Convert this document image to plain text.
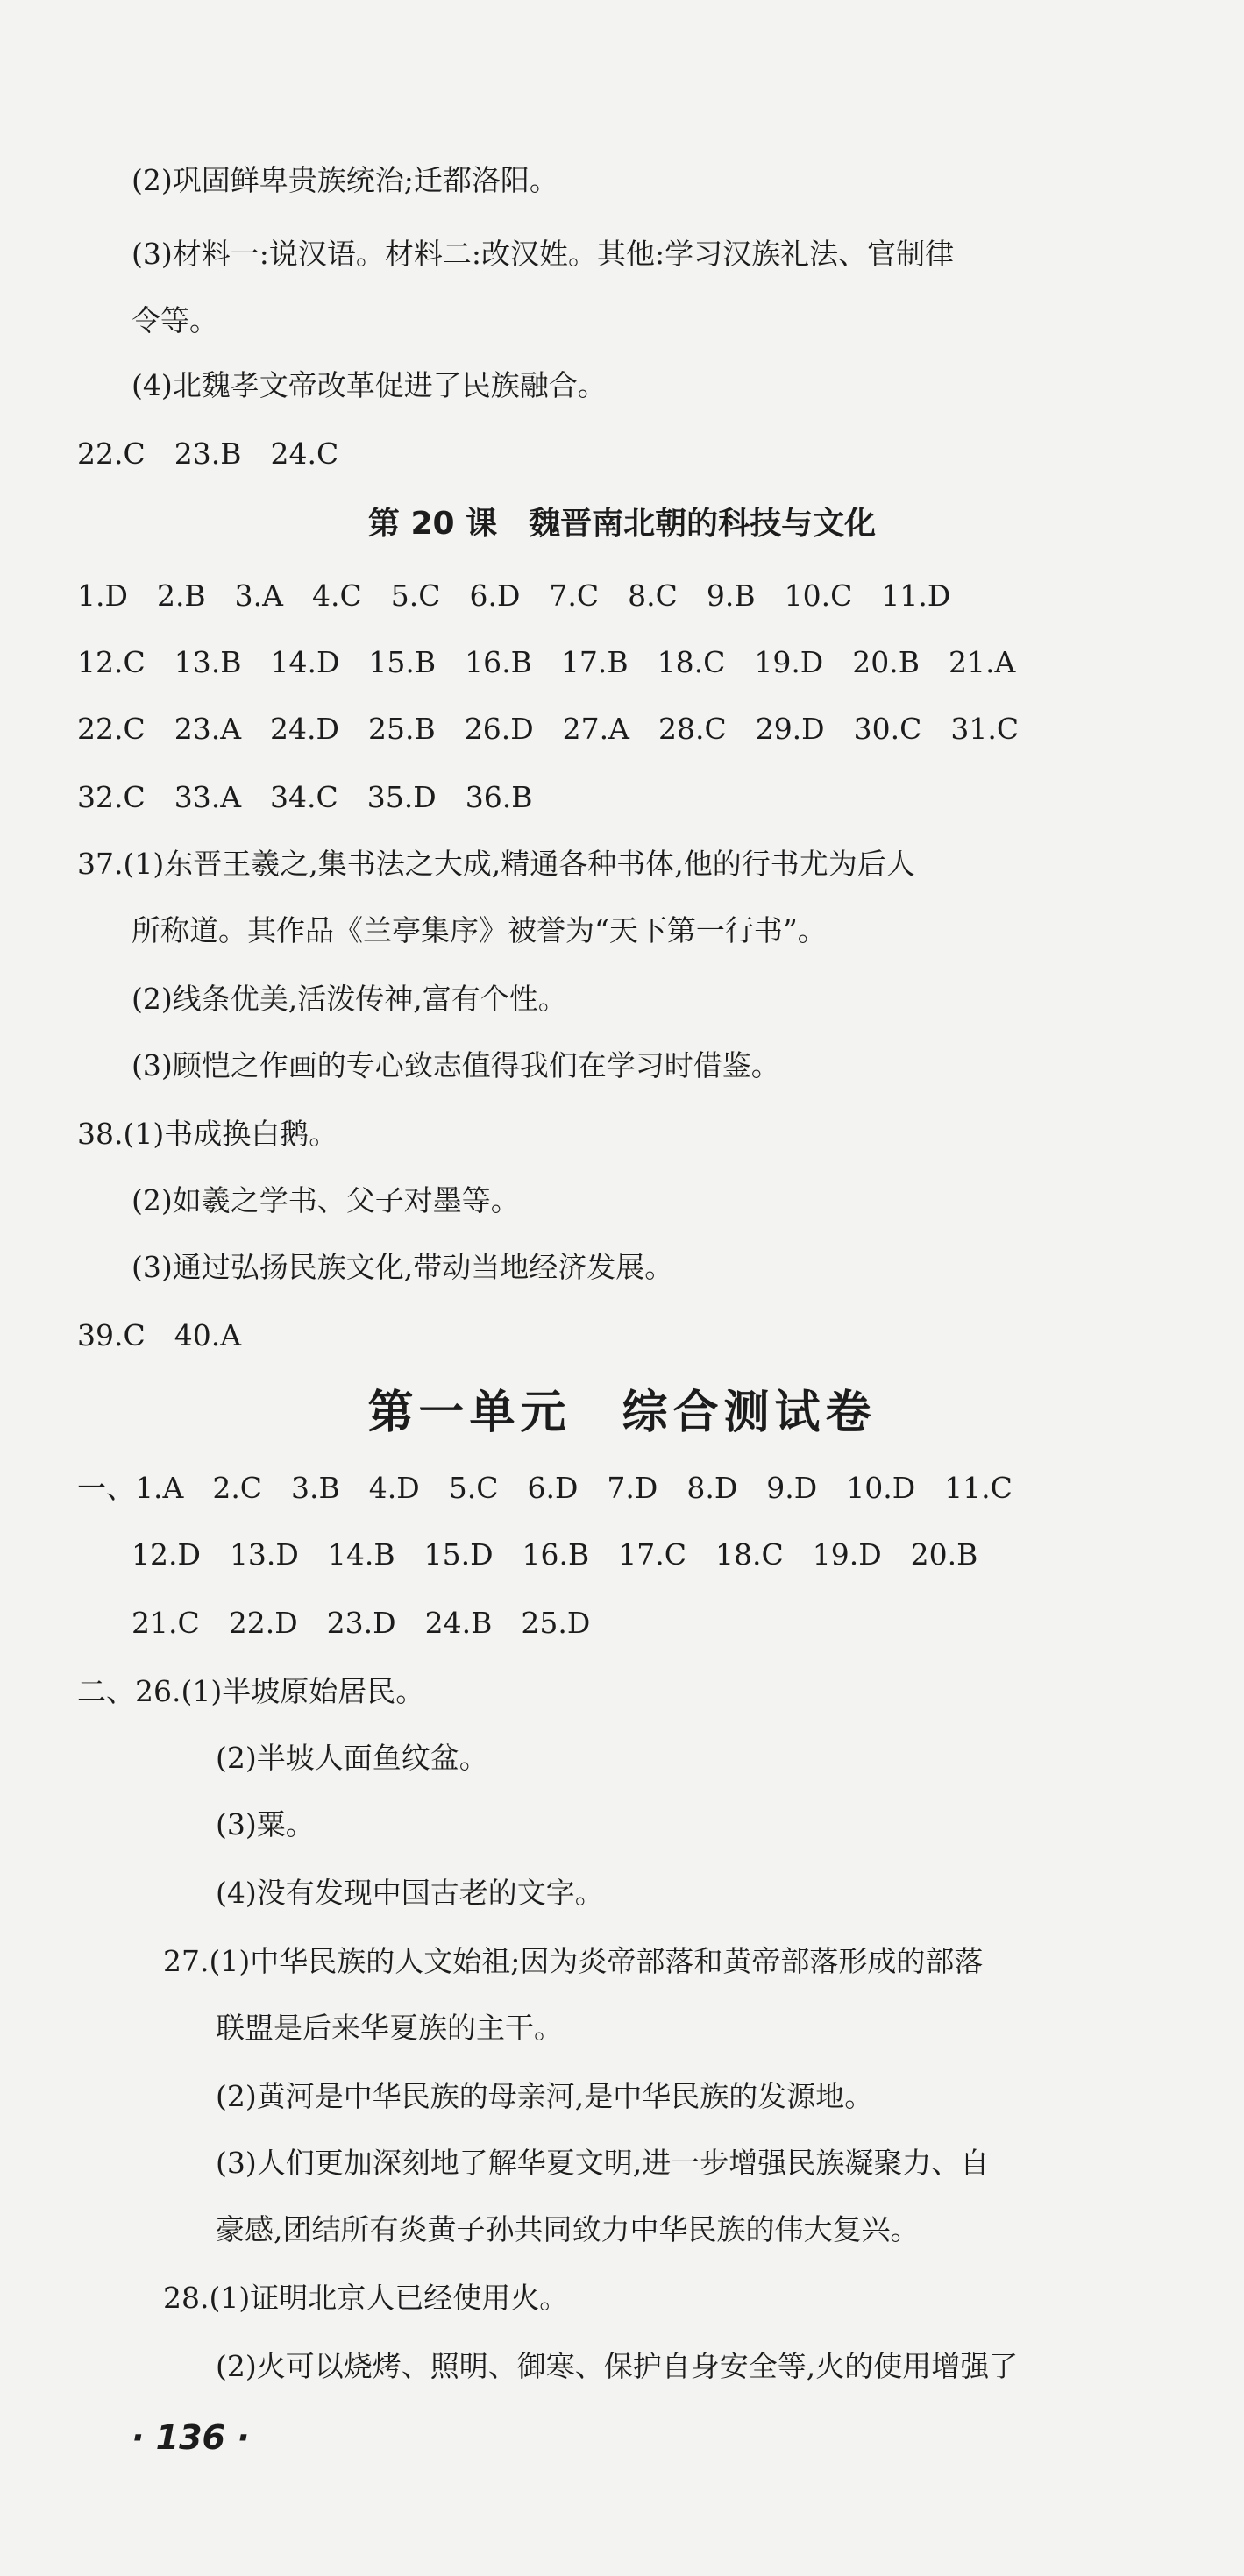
(2)巩固鲜卑贵族统治;迁都洛阳。
(3)材料一:说汉语。材料二:改汉姓。其他:学习汉族礼法、官制律
令等。
(4)北魏孝文帝改革促进了民族融合。
22.C　23.B　24.C
第 20 课　魏晋南北朝的科技与文化
1.D　2.B　3.A　4.C　5.C　6.D　7.C　8.C　9.B　10.C　11.D
12.C　13.B　14.D　15.B　16.B　17.B　18.C　19.D　20.B　21.A
22.C　23.A　24.D　25.B　26.D　27.A　28.C　29.D　30.C　31.C
32.C　33.A　34.C　35.D　36.B
37.(1)东晋王羲之,集书法之大成,精通各种书体,他的行书尤为后人
所称道。其作品《兰亭集序》被誉为“天下第一行书”。
(2)线条优美,活泼传神,富有个性。
(3)顾恺之作画的专心致志值得我们在学习时借鉴。
38.(1)书成换白鹅。
(2)如羲之学书、父子对墨等。
(3)通过弘扬民族文化,带动当地经济发展。
39.C　40.A
第一单元　综合测试卷
一、1.A　2.C　3.B　4.D　5.C　6.D　7.D　8.D　9.D　10.D　11.C
12.D　13.D　14.B　15.D　16.B　17.C　18.C　19.D　20.B
21.C　22.D　23.D　24.B　25.D
二、26.(1)半坡原始居民。
(2)半坡人面鱼纹盆。
(3)粟。
(4)没有发现中国古老的文字。
27.(1)中华民族的人文始祖;因为炎帝部落和黄帝部落形成的部落
联盟是后来华夏族的主干。
(2)黄河是中华民族的母亲河,是中华民族的发源地。
(3)人们更加深刻地了解华夏文明,进一步增强民族凝聚力、自
豪感,团结所有炎黄子孙共同致力中华民族的伟大复兴。
28.(1)证明北京人已经使用火。
(2)火可以烧烤、照明、御寒、保护自身安全等,火的使用增强了
· 136 ·
